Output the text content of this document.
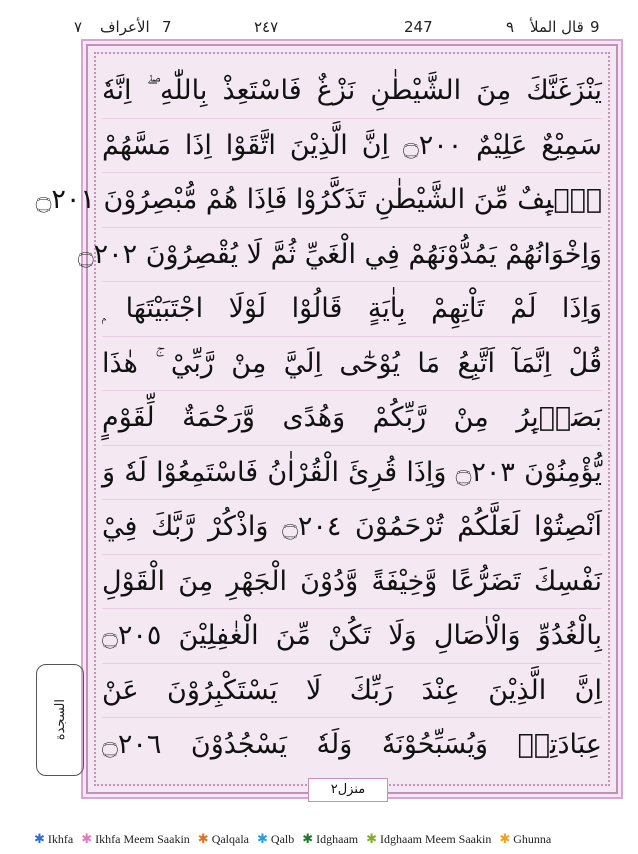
٧ الأعراف 7	٢٤٧	247	٩ قال الملأ 9
يَنْزَغَنَّكَ مِنَ الشَّيْطٰنِ نَزْغٌ فَاسْتَعِذْ بِاللّٰهِ ۖ اِنَّهٗ
سَمِيْعٌ عَلِيْمٌ ۝٢٠٠ اِنَّ الَّذِيْنَ اتَّقَوْا اِذَا مَسَّهُمْ
طٰۤىِٕفٌ مِّنَ الشَّيْطٰنِ تَذَكَّرُوْا فَاِذَا هُمْ مُّبْصِرُوْنَ ۝٢٠١
وَاِخْوَانُهُمْ يَمُدُّوْنَهُمْ فِي الْغَيِّ ثُمَّ لَا يُقْصِرُوْنَ ۝٢٠٢
وَاِذَا لَمْ تَاْتِهِمْ بِاٰيَةٍ قَالُوْا لَوْلَا اجْتَبَيْتَهَا ۭ
قُلْ اِنَّمَآ اَتَّبِعُ مَا يُوْحٰٓى اِلَيَّ مِنْ رَّبِّيْ ۚ هٰذَا
بَصَاۗىِٕرُ مِنْ رَّبِّكُمْ وَهُدًى وَّرَحْمَةٌ لِّقَوْمٍ
يُّؤْمِنُوْنَ ۝٢٠٣ وَاِذَا قُرِئَ الْقُرْاٰنُ فَاسْتَمِعُوْا لَهٗ وَ
اَنْصِتُوْا لَعَلَّكُمْ تُرْحَمُوْنَ ۝٢٠٤ وَاذْكُرْ رَّبَّكَ فِيْ
نَفْسِكَ تَضَرُّعًا وَّخِيْفَةً وَّدُوْنَ الْجَهْرِ مِنَ الْقَوْلِ
بِالْغُدُوِّ وَالْاٰصَالِ وَلَا تَكُنْ مِّنَ الْغٰفِلِيْنَ ۝٢٠٥
اِنَّ الَّذِيْنَ عِنْدَ رَبِّكَ لَا يَسْتَكْبِرُوْنَ عَنْ
عِبَادَتِهٖ وَيُسَبِّحُوْنَهٗ وَلَهٗ يَسْجُدُوْنَ ۝٢٠٦
السجدة
منزل٢
✱ Ikhfa ✱ Ikhfa Meem Saakin ✱ Qalqala ✱ Qalb ✱ Idghaam ✱ Idghaam Meem Saakin ✱ Ghunna
